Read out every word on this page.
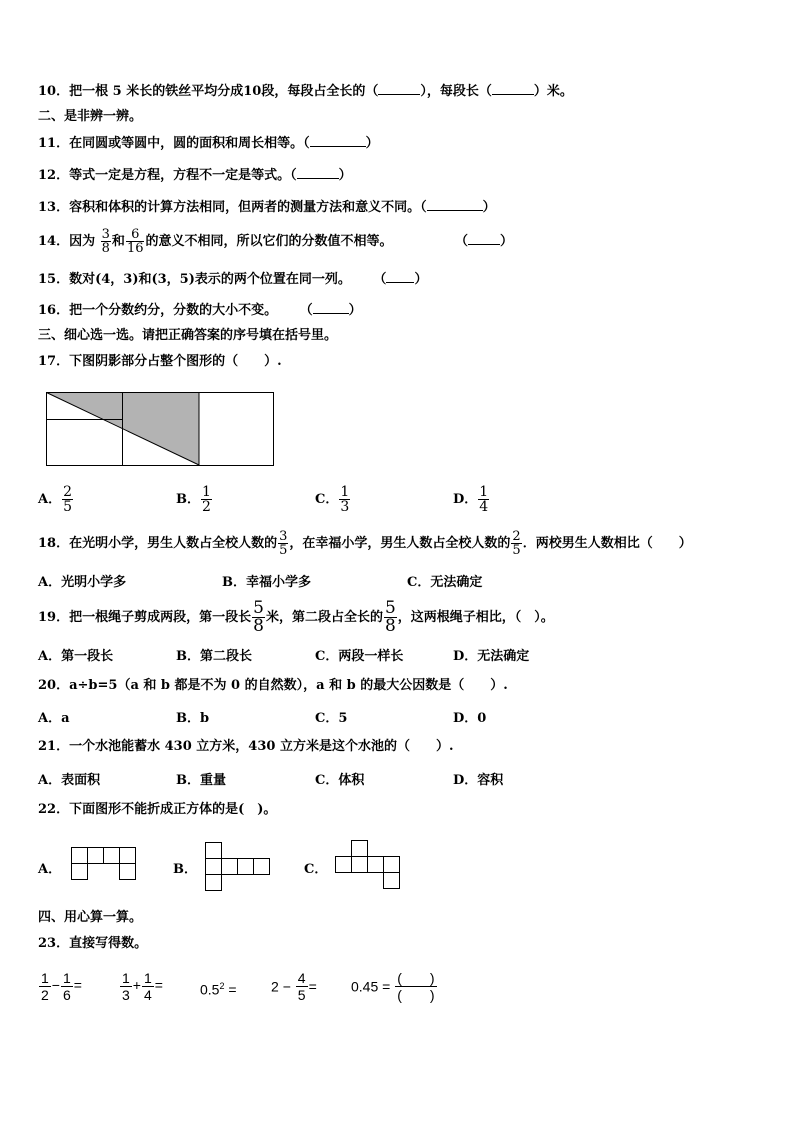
10．把一根 5 米长的铁丝平均分成10段，每段占全长的（	），每段长（	）米。
二、是非辨一辨。
11．在同圆或等圆中，圆的面积和周长相等。（	）
12．等式一定是方程，方程不一定是等式。（	）
13．容积和体积的计算方法相同，但两者的测量方法和意义不同。（	）
14．因为 $\frac{3}{8}$ 和 $\frac{6}{16}$ 的意义不相同，所以它们的分数值不相等。	（ ）
15．数对(4，3)和(3，5)表示的两个位置在同一列。 （ ）
16．把一个分数约分，分数的大小不变。 （	）
三、细心选一选。请把正确答案的序号填在括号里。
17．下图阴影部分占整个图形的（　　）.
A． $\frac{2}{5}$	B． $\frac{1}{2}$	C． $\frac{1}{3}$	D． $\frac{1}{4}$
18．在光明小学，男生人数占全校人数的 $\frac{3}{5}$ ，在幸福小学，男生人数占全校人数的 $\frac{2}{5}$ ．两校男生人数相比（　　）
A．光明小学多	B．幸福小学多	C．无法确定
19．把一根绳子剪成两段，第一段长 $\frac{5}{8}$ 米，第二段占全长的 $\frac{5}{8}$ ，这两根绳子相比，（　）。
A．第一段长	B．第二段长	C．两段一样长	D．无法确定
20．a÷b=5（a 和 b 都是不为 0 的自然数），a 和 b 的最大公因数是（　　）.
A．a	B．b	C．5	D．0
21．一个水池能蓄水 430 立方米，430 立方米是这个水池的（　　）.
A．表面积	B．重量	C．体积	D．容积
22．下面图形不能折成正方体的是(　)。
A．	B．	C．
四、用心算一算。
23．直接写得数。
$\frac{1}{2} - \frac{1}{6}$ =	$\frac{1}{3} + \frac{1}{4}$ =	$0.5^2 = 2 - \frac{4}{5} = 0.45$ =
(　　)
(　　)
